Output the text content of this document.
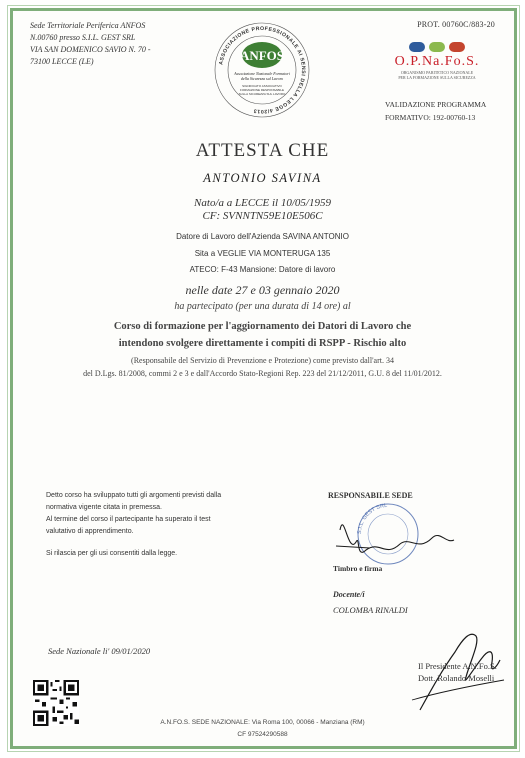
Sede Territoriale Periferica ANFOS
N.00760 presso S.I.L. GEST SRL
VIA SAN DOMENICO SAVIO N. 70 -
73100 LECCE (LE)	ASSOCIAZIONE PROFESSIONALE AI SENSI DELLA LEGGE 4/2013
ANFOS
Associazione Nazionale Formatori
della Sicurezza sul Lavoro
SIGNIFICATO ASSOCIATIVO
FORMAZIONE RESPONSABILE
SULLA SICUREZZA SUL LAVORO
PROT. 00760C/883-20
O.P.Na.Fo.S.
ORGANISMO PARITETICO NAZIONALE
PER LA FORMAZIONE SULLA SICUREZZA
VALIDAZIONE PROGRAMMA
FORMATIVO: 192-00760-13
ATTESTA CHE
ANTONIO SAVINA
Nato/a a LECCE il 10/05/1959
CF: SVNNTN59E10E506C
Datore di Lavoro dell'Azienda SAVINA ANTONIO
Sita a VEGLIE VIA MONTERUGA 135
ATECO: F-43 Mansione: Datore di lavoro
nelle date 27 e 03 gennaio 2020
ha partecipato (per una durata di 14 ore) al
Corso di formazione per l'aggiornamento dei Datori di Lavoro che
intendono svolgere direttamente i compiti di RSPP - Rischio alto
(Responsabile del Servizio di Prevenzione e Protezione) come previsto dall'art. 34
del D.Lgs. 81/2008, commi 2 e 3 e dall'Accordo Stato-Regioni Rep. 223 del 21/12/2011, G.U. 8 del 11/01/2012.

Detto corso ha sviluppato tutti gli argomenti previsti dalla
normativa vigente citata in premessa.
Al termine del corso il partecipante ha superato il test
valutativo di apprendimento.

Si rilascia per gli usi consentiti dalla legge.

RESPONSABILE SEDE
S.I.L. GEST SRL
Timbro e firma
Docente/i
COLOMBA RINALDI
Sede Nazionale li' 09/01/2020
Il Presidente A.N.Fo.S.
Dott. Rolando Moselli
A.N.FO.S. SEDE NAZIONALE: Via Roma 100, 00066 - Manziana (RM)
CF 97524290588
